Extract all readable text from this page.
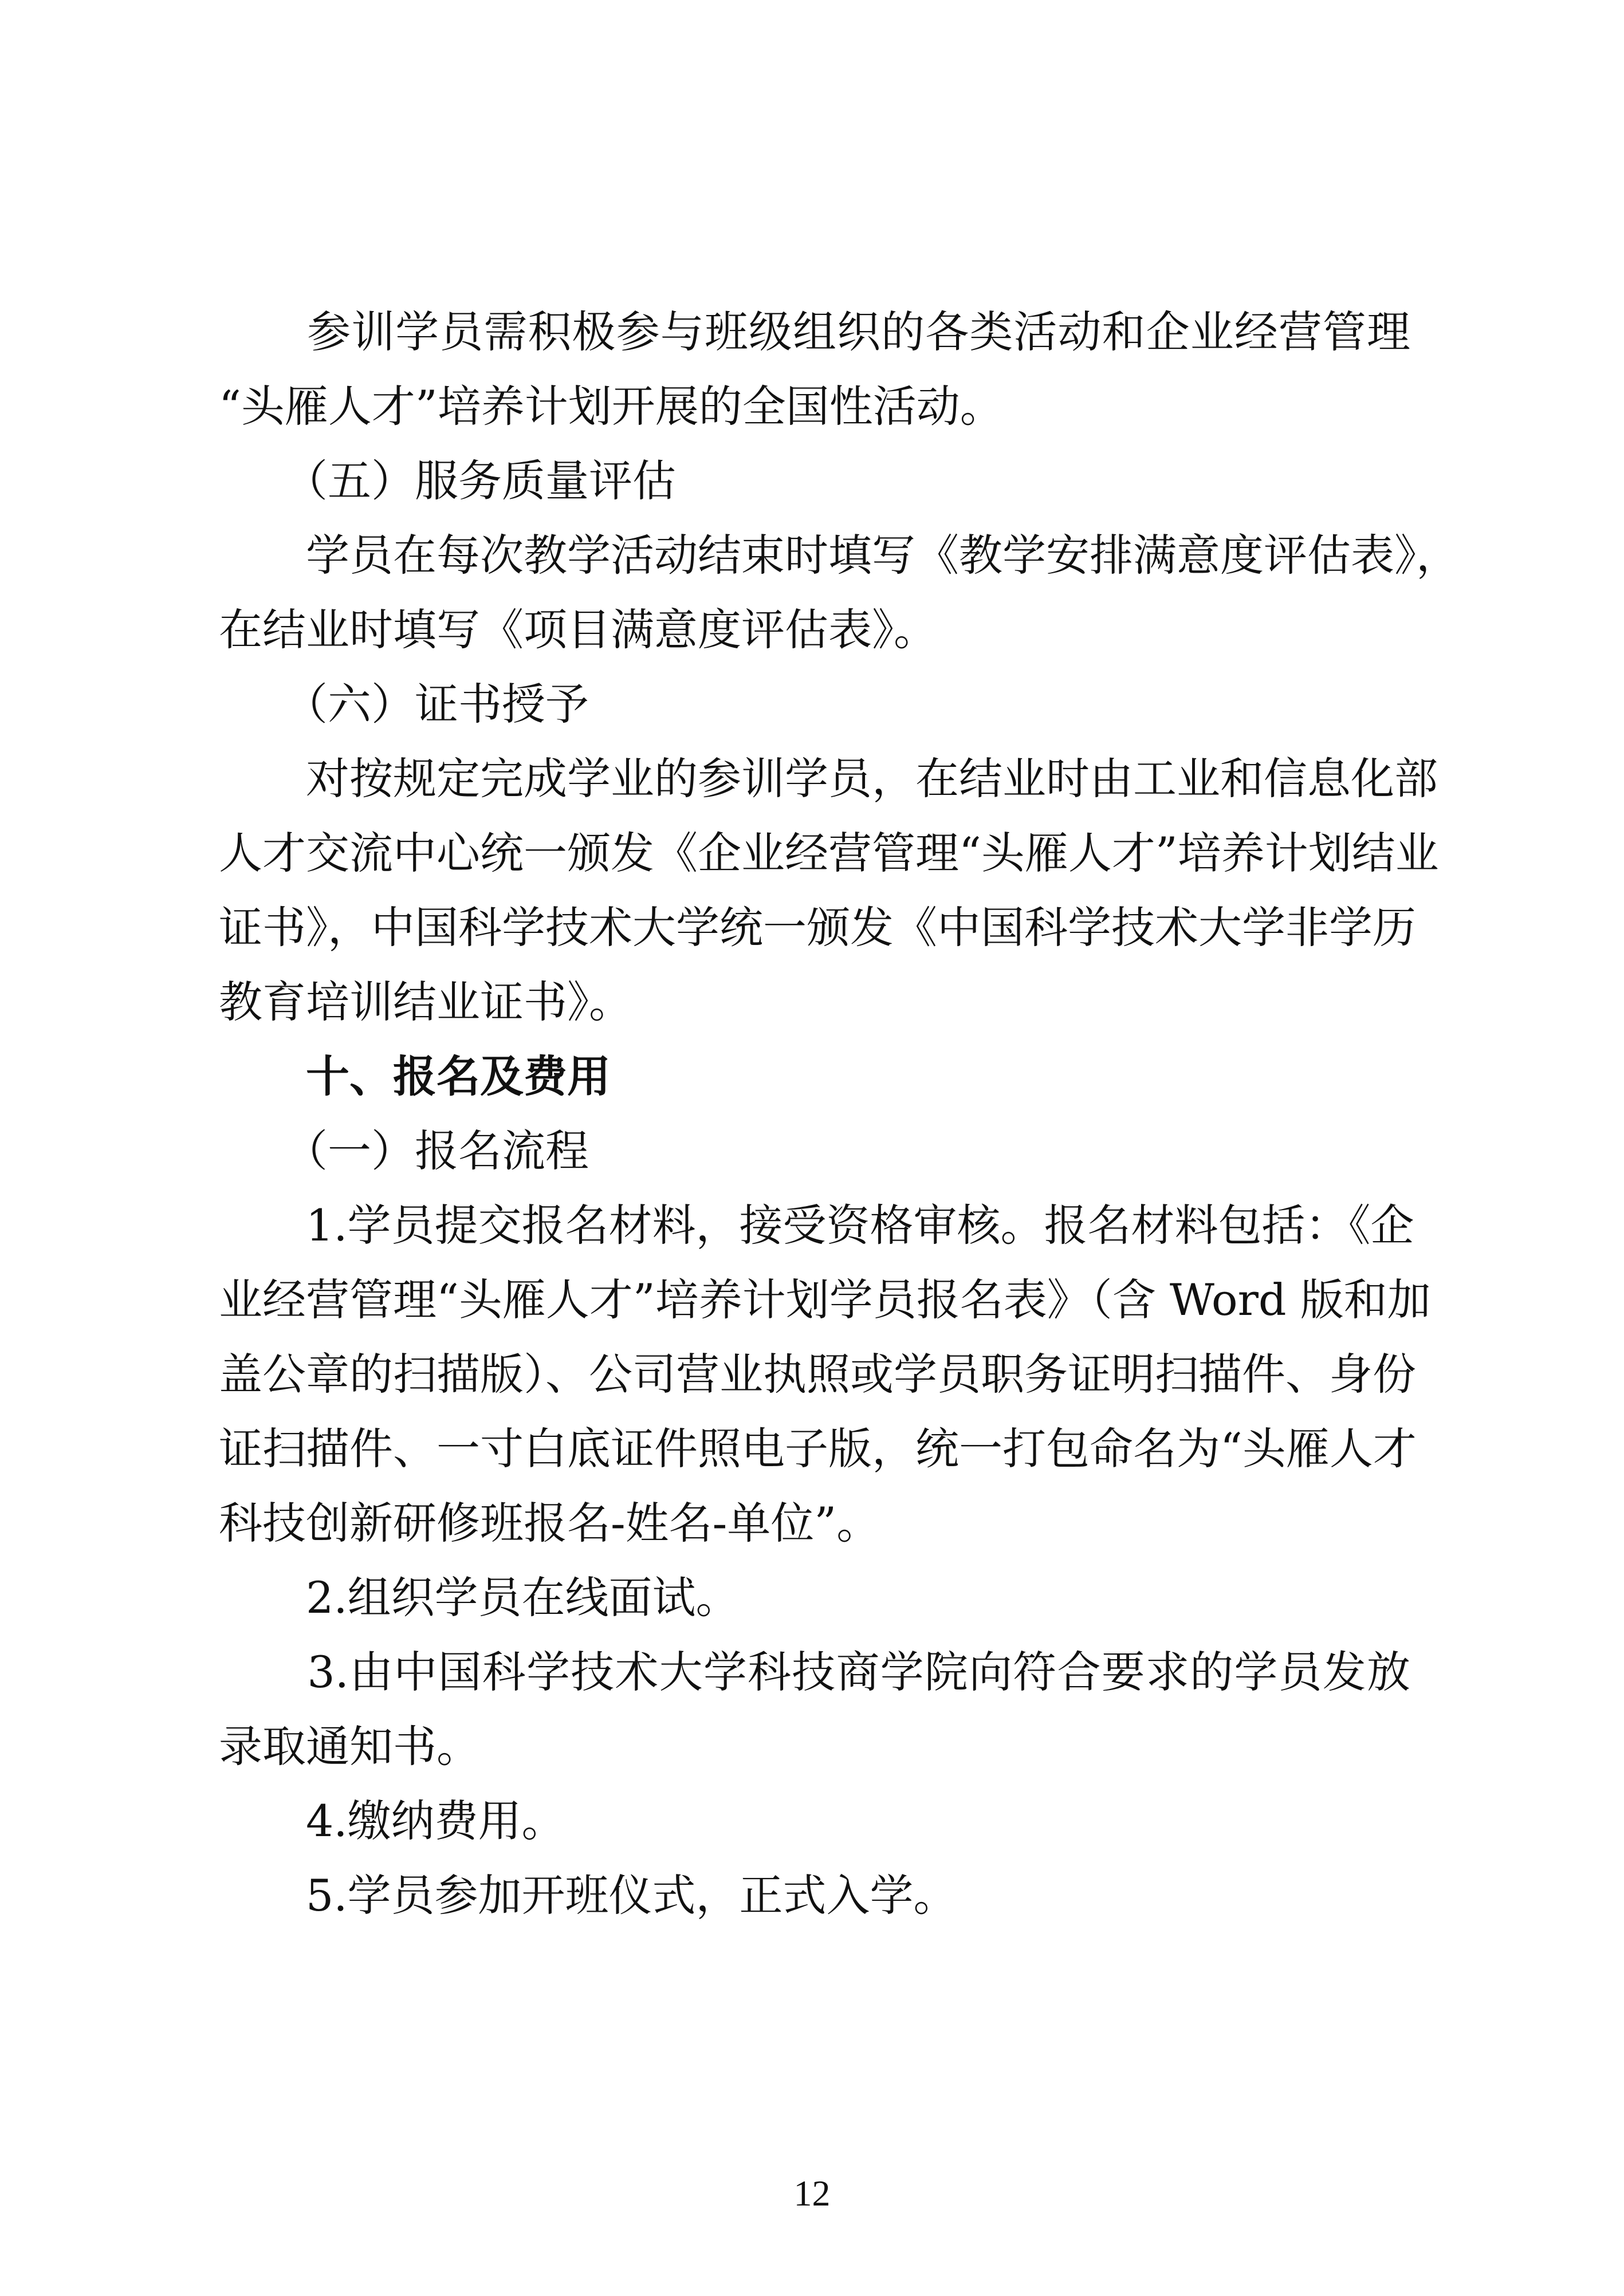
　　参训学员需积极参与班级组织的各类活动和企业经营管理
“头雁人才”培养计划开展的全国性活动。
　　（五）服务质量评估
　　学员在每次教学活动结束时填写《教学安排满意度评估表》，
在结业时填写《项目满意度评估表》。
　　（六）证书授予
　　对按规定完成学业的参训学员，在结业时由工业和信息化部
人才交流中心统一颁发《企业经营管理“头雁人才”培养计划结业
证书》，中国科学技术大学统一颁发《中国科学技术大学非学历
教育培训结业证书》。
　　十、报名及费用
　　（一）报名流程
　　1.学员提交报名材料，接受资格审核。报名材料包括：《企
业经营管理“头雁人才”培养计划学员报名表》（含 Word 版和加
盖公章的扫描版）、公司营业执照或学员职务证明扫描件、身份
证扫描件、一寸白底证件照电子版，统一打包命名为“头雁人才
科技创新研修班报名-姓名-单位”。
　　2.组织学员在线面试。
　　3.由中国科学技术大学科技商学院向符合要求的学员发放
录取通知书。
　　4.缴纳费用。
　　5.学员参加开班仪式，正式入学。
12
